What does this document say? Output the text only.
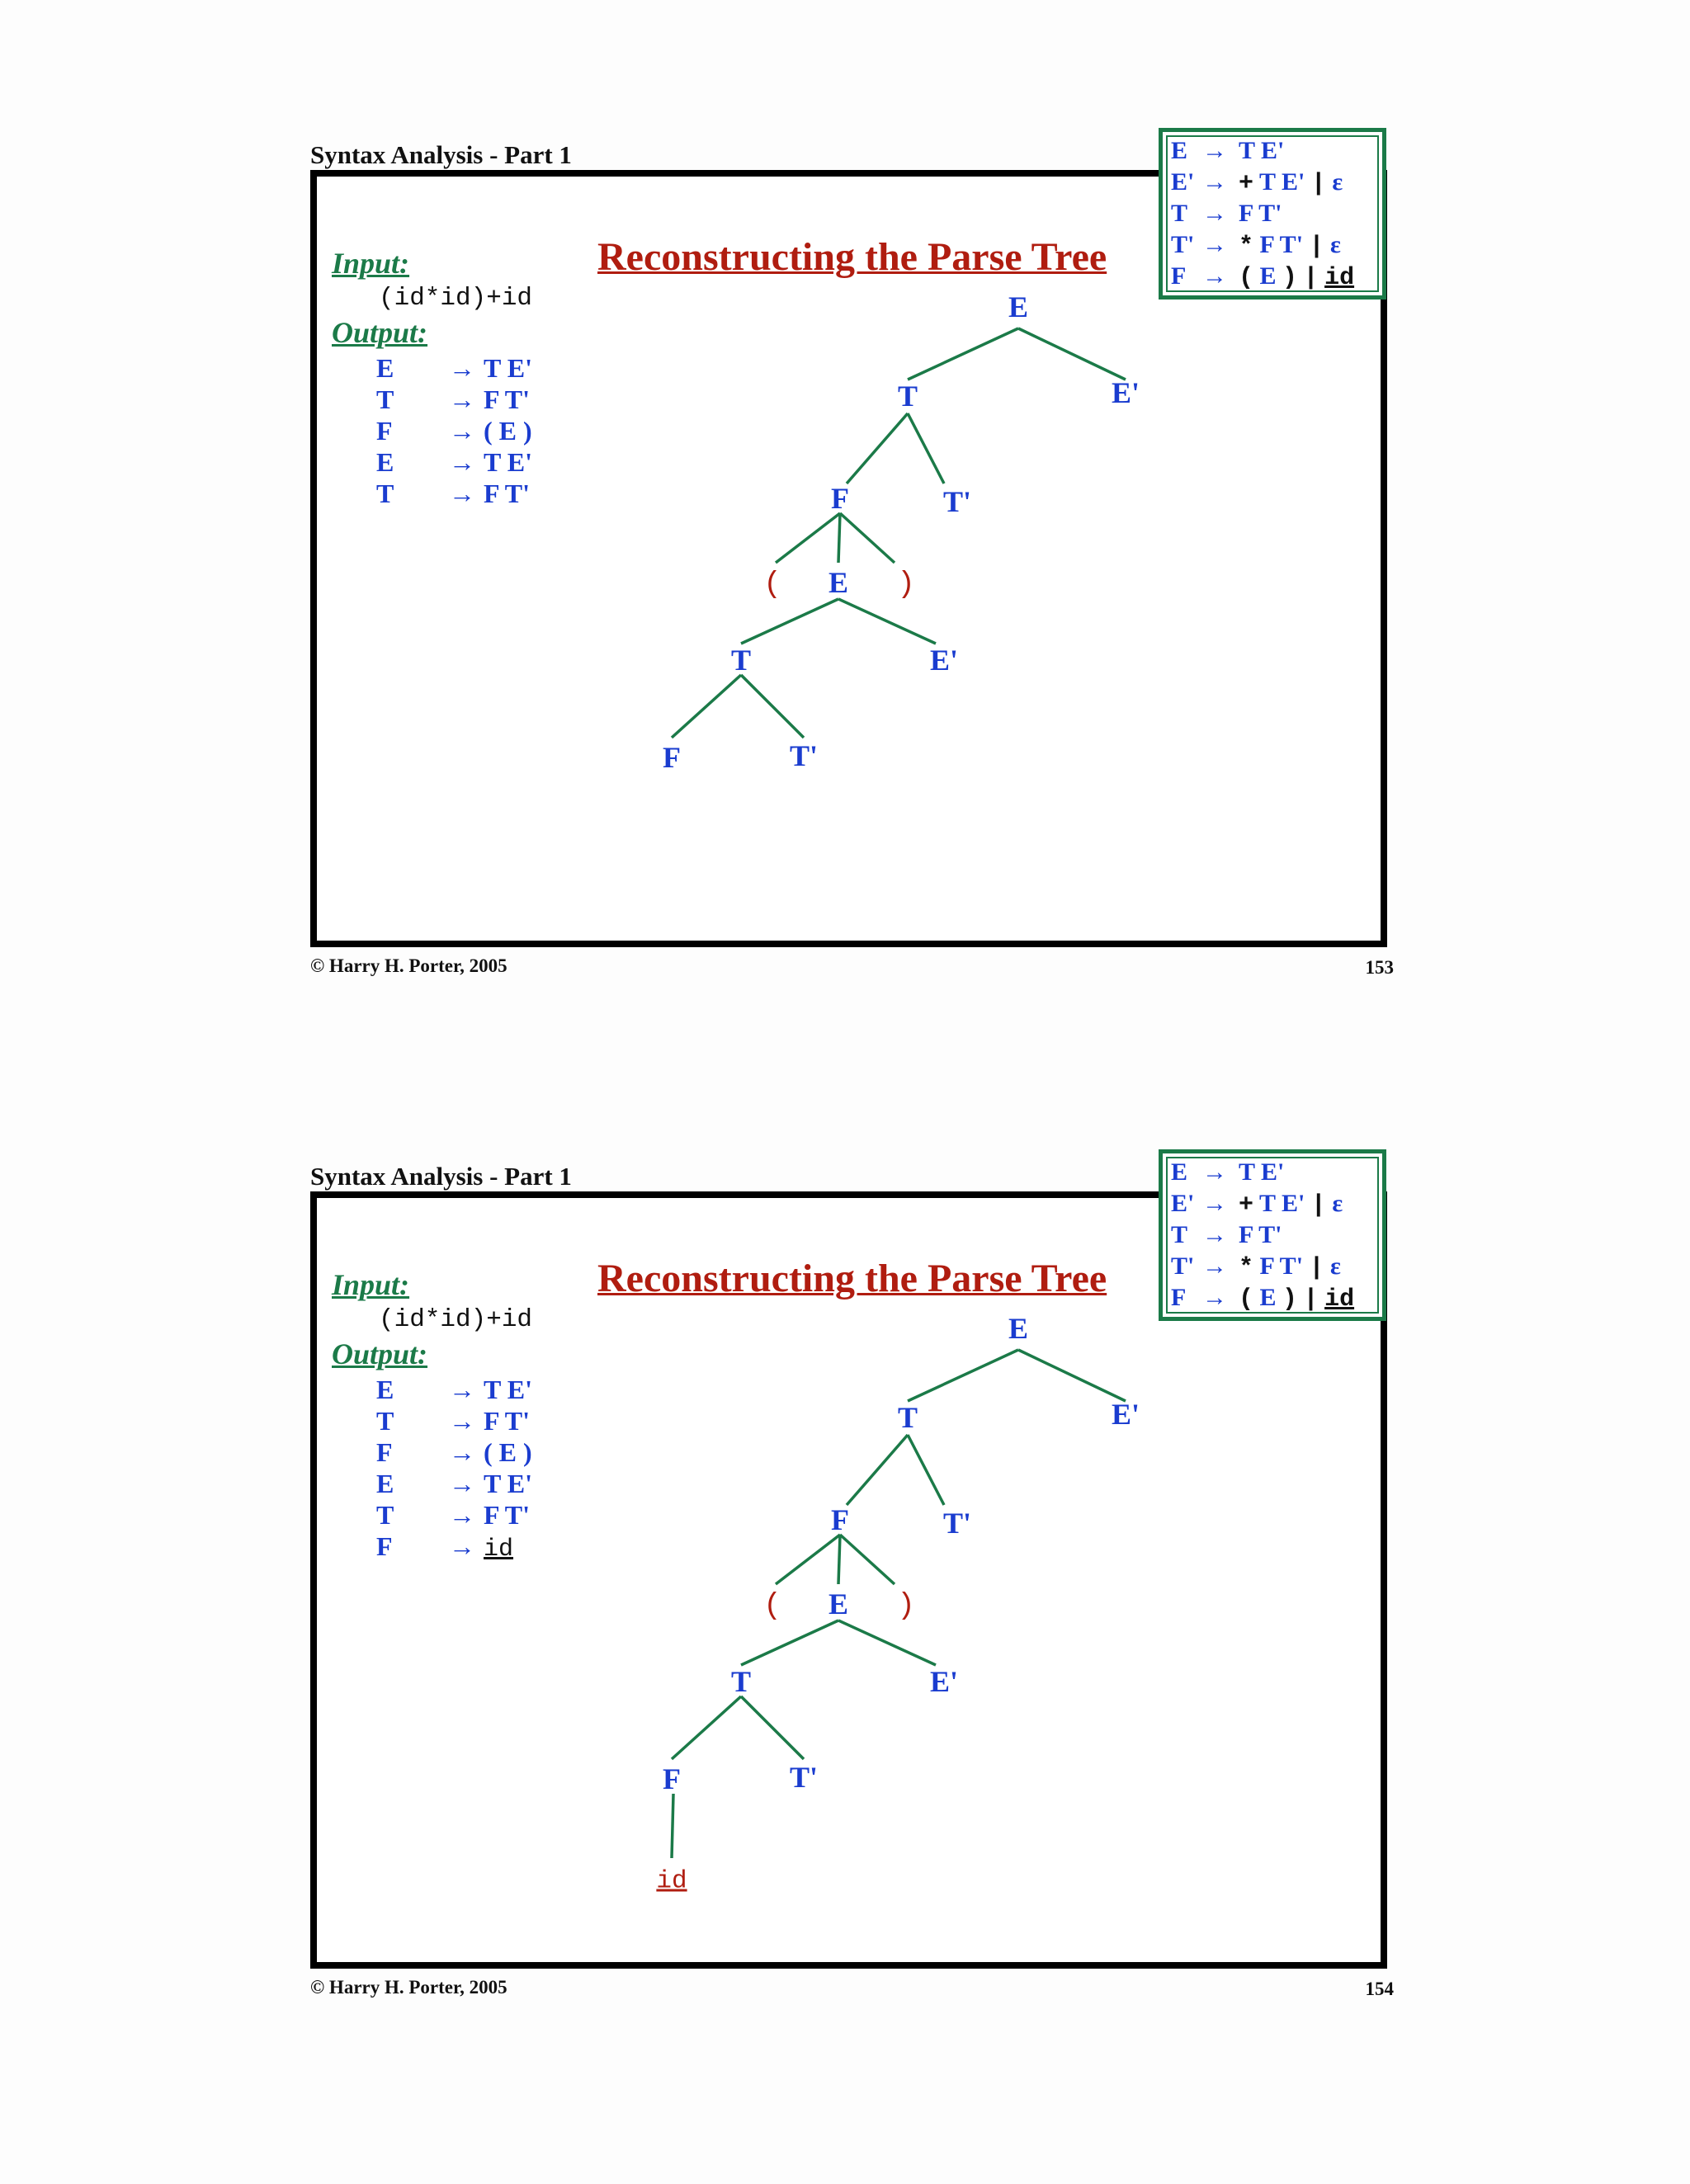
Syntax Analysis - Part 1
Reconstructing the Parse Tree
Input:
(id*id)+id
Output:
E → T E'
T → F T'
F → ( E )
E → T E'
T → F T'
E
T	E'
F	T'
( E )
T	E'
F	T'
E → T E'
E' → + T E' | ε
T → F T'
T' → * F T' | ε
F → ( E ) | id
© Harry H. Porter, 2005	153
Syntax Analysis - Part 1
Reconstructing the Parse Tree
Input:
(id*id)+id
Output:
E → T E'
T → F T'
F → ( E )
E → T E'
T → F T'
F → id
E
T	E'
F	T'
( E )
T	E'
F	T'
id
E → T E'
E' → + T E' | ε
T → F T'
T' → * F T' | ε
F → ( E ) | id
© Harry H. Porter, 2005	154
